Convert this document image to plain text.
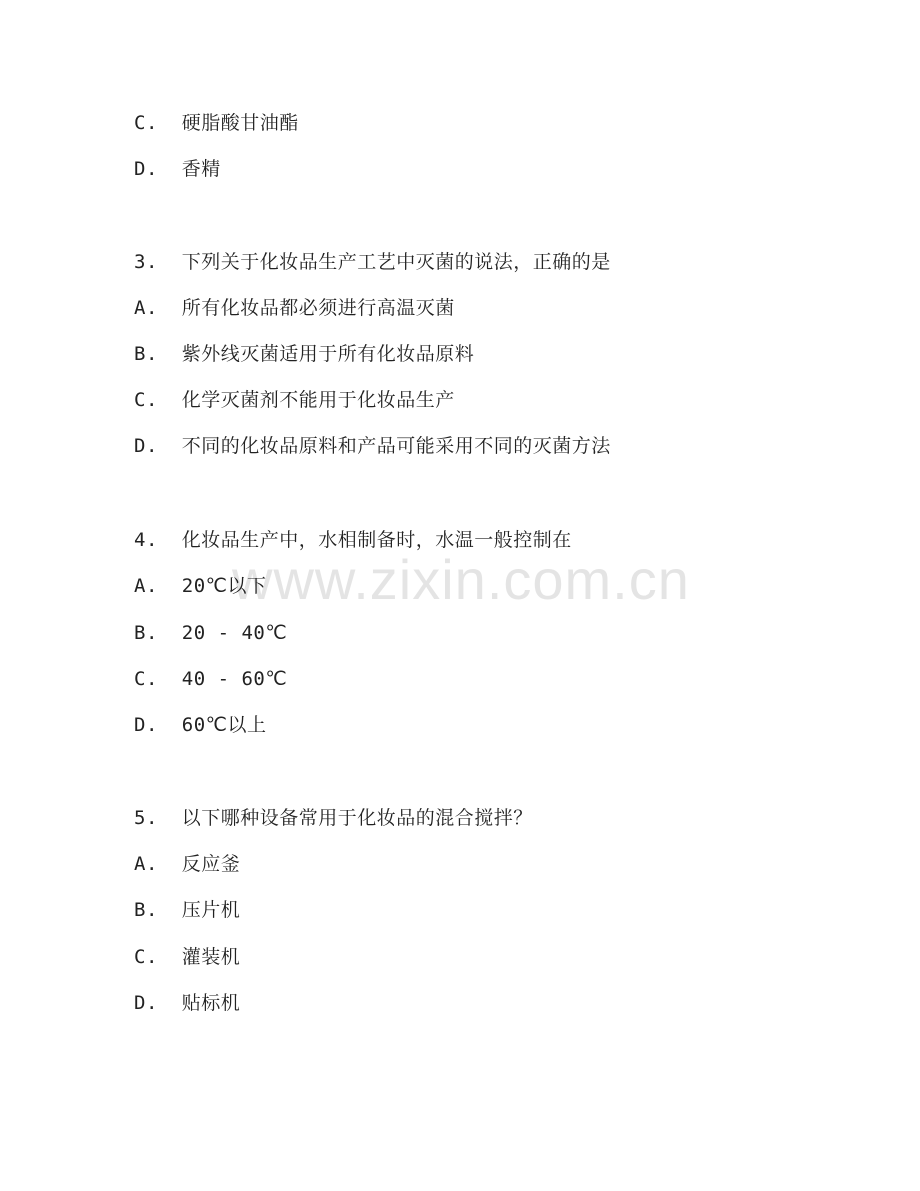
www.zixin.com.cn
C.  硬脂酸甘油酯
D.  香精
3.  下列关于化妆品生产工艺中灭菌的说法，正确的是
A.  所有化妆品都必须进行高温灭菌
B.  紫外线灭菌适用于所有化妆品原料
C.  化学灭菌剂不能用于化妆品生产
D.  不同的化妆品原料和产品可能采用不同的灭菌方法
4.  化妆品生产中，水相制备时，水温一般控制在
A.  20℃以下
B.  20 - 40℃
C.  40 - 60℃
D.  60℃以上
5.  以下哪种设备常用于化妆品的混合搅拌？
A.  反应釜
B.  压片机
C.  灌装机
D.  贴标机
